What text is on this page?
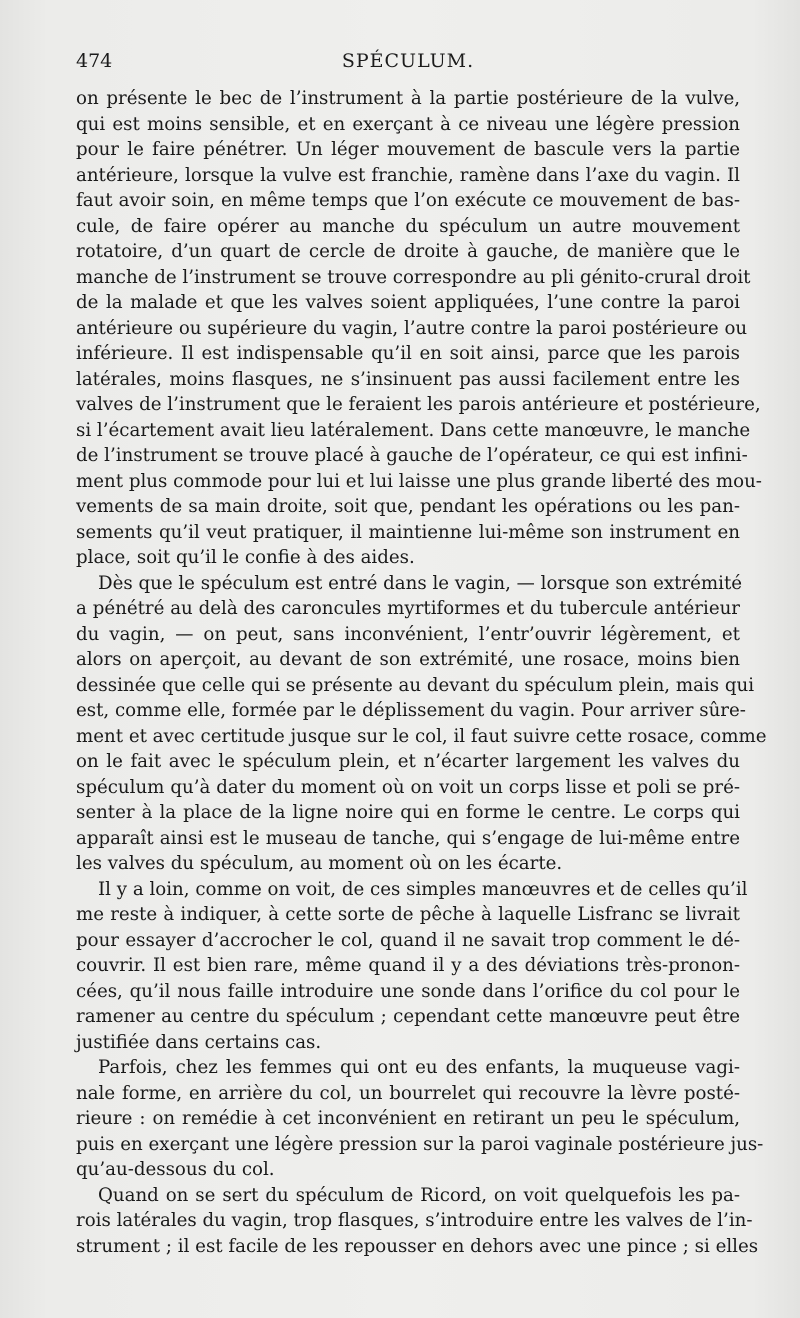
474	SPÉCULUM.
on présente le bec de l’instrument à la partie postérieure de la vulve,
qui est moins sensible, et en exerçant à ce niveau une légère pression
pour le faire pénétrer. Un léger mouvement de bascule vers la partie
antérieure, lorsque la vulve est franchie, ramène dans l’axe du vagin. Il
faut avoir soin, en même temps que l’on exécute ce mouvement de bas-
cule, de faire opérer au manche du spéculum un autre mouvement
rotatoire, d’un quart de cercle de droite à gauche, de manière que le
manche de l’instrument se trouve correspondre au pli génito-crural droit
de la malade et que les valves soient appliquées, l’une contre la paroi
antérieure ou supérieure du vagin, l’autre contre la paroi postérieure ou
inférieure. Il est indispensable qu’il en soit ainsi, parce que les parois
latérales, moins flasques, ne s’insinuent pas aussi facilement entre les
valves de l’instrument que le feraient les parois antérieure et postérieure,
si l’écartement avait lieu latéralement. Dans cette manœuvre, le manche
de l’instrument se trouve placé à gauche de l’opérateur, ce qui est infini-
ment plus commode pour lui et lui laisse une plus grande liberté des mou-
vements de sa main droite, soit que, pendant les opérations ou les pan-
sements qu’il veut pratiquer, il maintienne lui-même son instrument en
place, soit qu’il le confie à des aides.
Dès que le spéculum est entré dans le vagin, — lorsque son extrémité
a pénétré au delà des caroncules myrtiformes et du tubercule antérieur
du vagin, — on peut, sans inconvénient, l’entr’ouvrir légèrement, et
alors on aperçoit, au devant de son extrémité, une rosace, moins bien
dessinée que celle qui se présente au devant du spéculum plein, mais qui
est, comme elle, formée par le déplissement du vagin. Pour arriver sûre-
ment et avec certitude jusque sur le col, il faut suivre cette rosace, comme
on le fait avec le spéculum plein, et n’écarter largement les valves du
spéculum qu’à dater du moment où on voit un corps lisse et poli se pré-
senter à la place de la ligne noire qui en forme le centre. Le corps qui
apparaît ainsi est le museau de tanche, qui s’engage de lui-même entre
les valves du spéculum, au moment où on les écarte.
Il y a loin, comme on voit, de ces simples manœuvres et de celles qu’il
me reste à indiquer, à cette sorte de pêche à laquelle Lisfranc se livrait
pour essayer d’accrocher le col, quand il ne savait trop comment le dé-
couvrir. Il est bien rare, même quand il y a des déviations très-pronon-
cées, qu’il nous faille introduire une sonde dans l’orifice du col pour le
ramener au centre du spéculum ; cependant cette manœuvre peut être
justifiée dans certains cas.
Parfois, chez les femmes qui ont eu des enfants, la muqueuse vagi-
nale forme, en arrière du col, un bourrelet qui recouvre la lèvre posté-
rieure : on remédie à cet inconvénient en retirant un peu le spéculum,
puis en exerçant une légère pression sur la paroi vaginale postérieure jus-
qu’au-dessous du col.
Quand on se sert du spéculum de Ricord, on voit quelquefois les pa-
rois latérales du vagin, trop flasques, s’introduire entre les valves de l’in-
strument ; il est facile de les repousser en dehors avec une pince ; si elles
